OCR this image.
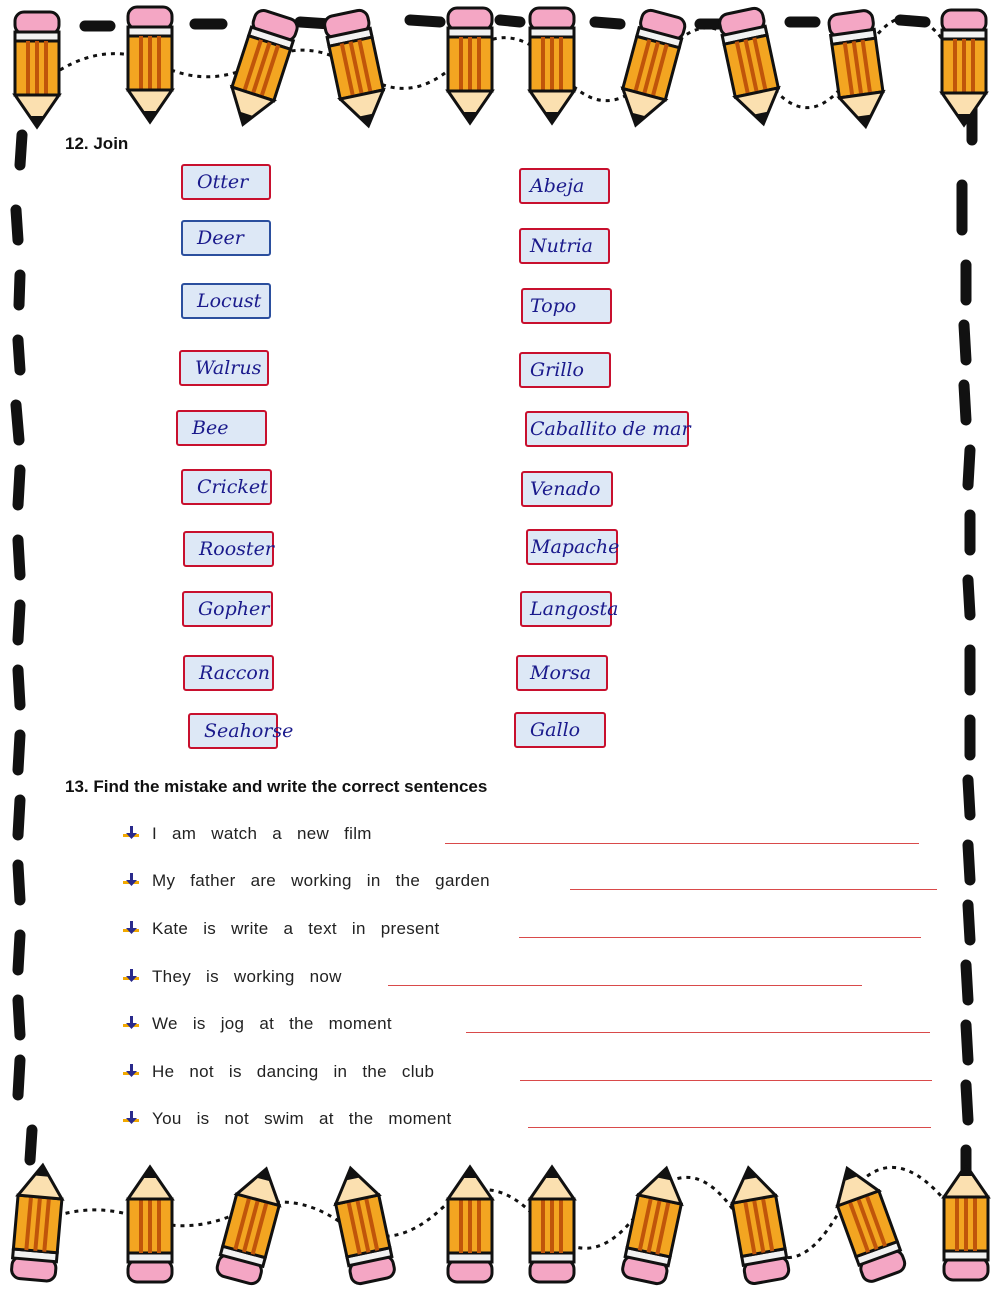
12. Join
Otter
Deer
Locust
Walrus
Bee
Cricket
Rooster
Gopher
Raccon
Seahorse
Abeja
Nutria
Topo
Grillo
Caballito de mar
Venado
Mapache
Langosta
Morsa
Gallo
13. Find the mistake and write the correct sentences
I am watch a new film
My father are working in the garden
Kate is write a text in present
They is working now
We is jog at the moment
He not is dancing in the club
You is not swim at the moment
